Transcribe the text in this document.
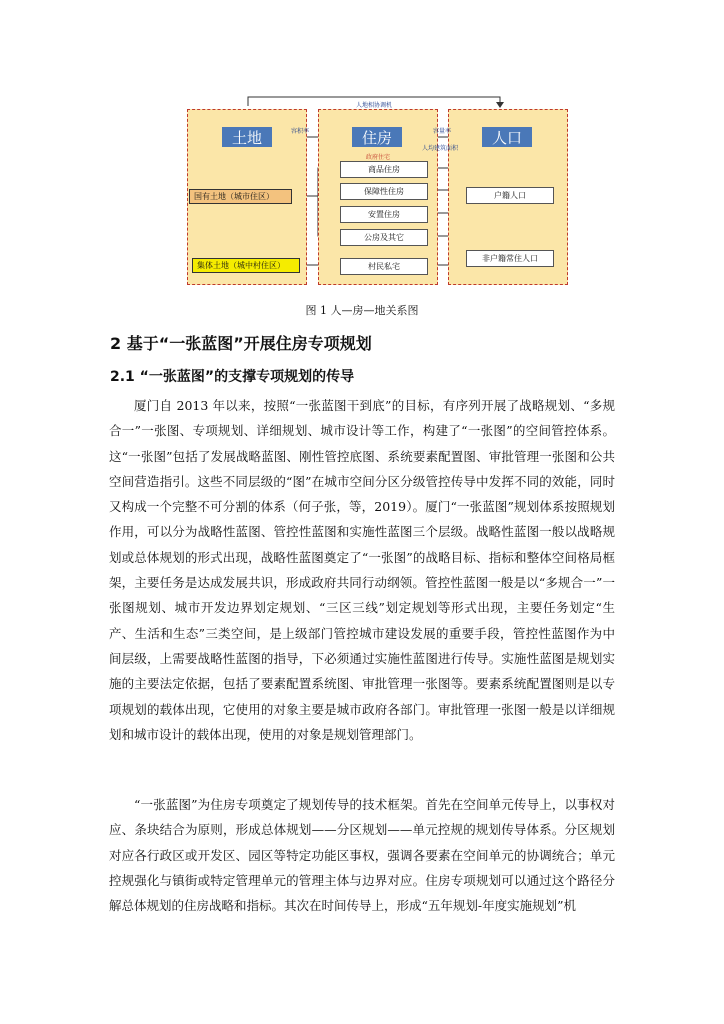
人地相协调机
土地	住房	人口
容积率	容量率
人均建筑面积
政府住宅
商品住房
保障性住房
安置住房
公房及其它
村民私宅
国有土地（城市住区）
集体土地（城中村住区）
户籍人口
非户籍常住人口
图 1 人—房—地关系图
2 基于“一张蓝图”开展住房专项规划
2.1 “一张蓝图”的支撑专项规划的传导

厦门自 2013 年以来，按照“一张蓝图干到底”的目标，有序列开展了战略规划、“多规合一”一张图、专项规划、详细规划、城市设计等工作，构建了“一张图”的空间管控体系。这“一张图”包括了发展战略蓝图、刚性管控底图、系统要素配置图、审批管理一张图和公共空间营造指引。这些不同层级的“图”在城市空间分区分级管控传导中发挥不同的效能，同时又构成一个完整不可分割的体系（何子张，等，2019）。厦门“一张蓝图”规划体系按照规划作用，可以分为战略性蓝图、管控性蓝图和实施性蓝图三个层级。战略性蓝图一般以战略规划或总体规划的形式出现，战略性蓝图奠定了“一张图”的战略目标、指标和整体空间格局框架，主要任务是达成发展共识，形成政府共同行动纲领。管控性蓝图一般是以“多规合一”一张图规划、城市开发边界划定规划、“三区三线”划定规划等形式出现，主要任务划定“生产、生活和生态”三类空间，是上级部门管控城市建设发展的重要手段，管控性蓝图作为中间层级，上需要战略性蓝图的指导，下必须通过实施性蓝图进行传导。实施性蓝图是规划实施的主要法定依据，包括了要素配置系统图、审批管理一张图等。要素系统配置图则是以专项规划的载体出现，它使用的对象主要是城市政府各部门。审批管理一张图一般是以详细规划和城市设计的载体出现，使用的对象是规划管理部门。

“一张蓝图”为住房专项奠定了规划传导的技术框架。首先在空间单元传导上，以事权对应、条块结合为原则，形成总体规划——分区规划——单元控规的规划传导体系。分区规划对应各行政区或开发区、园区等特定功能区事权，强调各要素在空间单元的协调统合；单元控规强化与镇街或特定管理单元的管理主体与边界对应。住房专项规划可以通过这个路径分解总体规划的住房战略和指标。其次在时间传导上，形成“五年规划-年度实施规划”机
